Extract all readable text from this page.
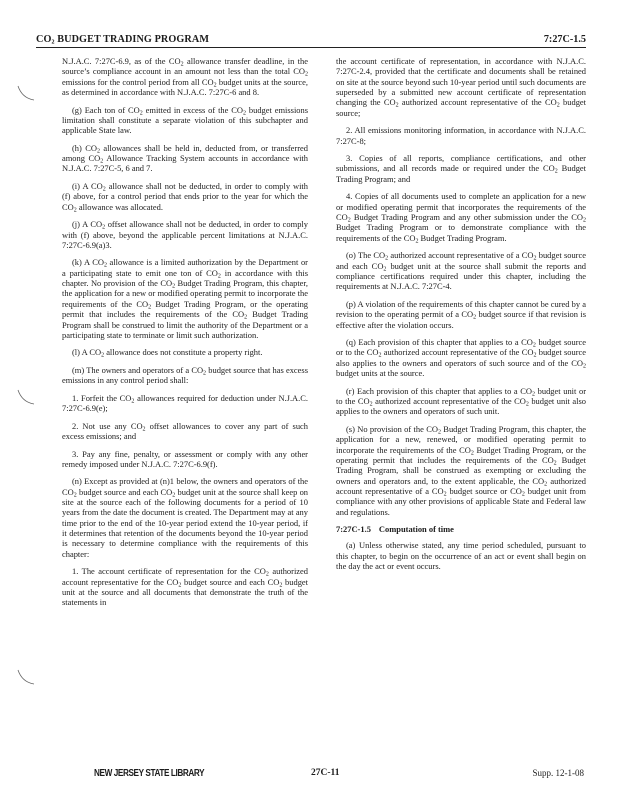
$CO_2$ BUDGET TRADING PROGRAM	7:27C-1.5

N.J.A.C. 7:27C-6.9, as of the $CO_2$ allowance transfer deadline, in the source’s compliance account in an amount not less than the total $CO_2$ emissions for the control period from all $CO_2$ budget units at the source, as determined in accordance with N.J.A.C. 7:27C-6 and 8.

(g) Each ton of $CO_2$ emitted in excess of the $CO_2$ budget emissions limitation shall constitute a separate violation of this subchapter and applicable State law.

(h) $CO_2$ allowances shall be held in, deducted from, or transferred among $CO_2$ Allowance Tracking System accounts in accordance with N.J.A.C. 7:27C-5, 6 and 7.

(i) A $CO_2$ allowance shall not be deducted, in order to comply with (f) above, for a control period that ends prior to the year for which the $CO_2$ allowance was allocated.

(j) A $CO_2$ offset allowance shall not be deducted, in order to comply with (f) above, beyond the applicable percent limitations at N.J.A.C. 7:27C-6.9(a)3.

(k) A $CO_2$ allowance is a limited authorization by the Department or a participating state to emit one ton of $CO_2$ in accordance with this chapter. No provision of the $CO_2$ Budget Trading Program, this chapter, the application for a new or modified operating permit to incorporate the requirements of the $CO_2$ Budget Trading Program, or the operating permit that includes the requirements of the $CO_2$ Budget Trading Program shall be construed to limit the authority of the Department or a participating state to terminate or limit such authorization.

(l) A $CO_2$ allowance does not constitute a property right.

(m) The owners and operators of a $CO_2$ budget source that has excess emissions in any control period shall:

1. Forfeit the $CO_2$ allowances required for deduction under N.J.A.C. 7:27C-6.9(e);

2. Not use any $CO_2$ offset allowances to cover any part of such excess emissions; and

3. Pay any fine, penalty, or assessment or comply with any other remedy imposed under N.J.A.C. 7:27C-6.9(f).

(n) Except as provided at (n)1 below, the owners and operators of the $CO_2$ budget source and each $CO_2$ budget unit at the source shall keep on site at the source each of the following documents for a period of 10 years from the date the document is created. The Department may at any time prior to the end of the 10-year period extend the 10-year period, if it determines that retention of the documents beyond the 10-year period is necessary to determine compliance with the requirements of this chapter:

1. The account certificate of representation for the $CO_2$ authorized account representative for the $CO_2$ budget source and each $CO_2$ budget unit at the source and all documents that demonstrate the truth of the statements in

the account certificate of representation, in accordance with N.J.A.C. 7:27C-2.4, provided that the certificate and documents shall be retained on site at the source beyond such 10-year period until such documents are superseded by a submitted new account certificate of representation changing the $CO_2$ authorized account representative of the $CO_2$ budget source;

2. All emissions monitoring information, in accordance with N.J.A.C. 7:27C-8;

3. Copies of all reports, compliance certifications, and other submissions, and all records made or required under the $CO_2$ Budget Trading Program; and

4. Copies of all documents used to complete an application for a new or modified operating permit that incorporates the requirements of the $CO_2$ Budget Trading Program and any other submission under the $CO_2$ Budget Trading Program or to demonstrate compliance with the requirements of the $CO_2$ Budget Trading Program.

(o) The $CO_2$ authorized account representative of a $CO_2$ budget source and each $CO_2$ budget unit at the source shall submit the reports and compliance certifications required under this chapter, including the requirements at N.J.A.C. 7:27C-4.

(p) A violation of the requirements of this chapter cannot be cured by a revision to the operating permit of a $CO_2$ budget source if that revision is effective after the violation occurs.

(q) Each provision of this chapter that applies to a $CO_2$ budget source or to the $CO_2$ authorized account representative of the $CO_2$ budget source also applies to the owners and operators of such source and of the $CO_2$ budget units at the source.

(r) Each provision of this chapter that applies to a $CO_2$ budget unit or to the $CO_2$ authorized account representative of the $CO_2$ budget unit also applies to the owners and operators of such unit.

(s) No provision of the $CO_2$ Budget Trading Program, this chapter, the application for a new, renewed, or modified operating permit to incorporate the requirements of the $CO_2$ Budget Trading Program, or the operating permit that includes the requirements of the $CO_2$ Budget Trading Program, shall be construed as exempting or excluding the owners and operators and, to the extent applicable, the $CO_2$ authorized account representative of a $CO_2$ budget source or $CO_2$ budget unit from compliance with any other provisions of applicable State and Federal law and regulations.

7:27C-1.5 Computation of time

(a) Unless otherwise stated, any time period scheduled, pursuant to this chapter, to begin on the occurrence of an act or event shall begin on the day the act or event occurs.

NEW JERSEY STATE LIBRARY	27C-11	Supp. 12-1-08
